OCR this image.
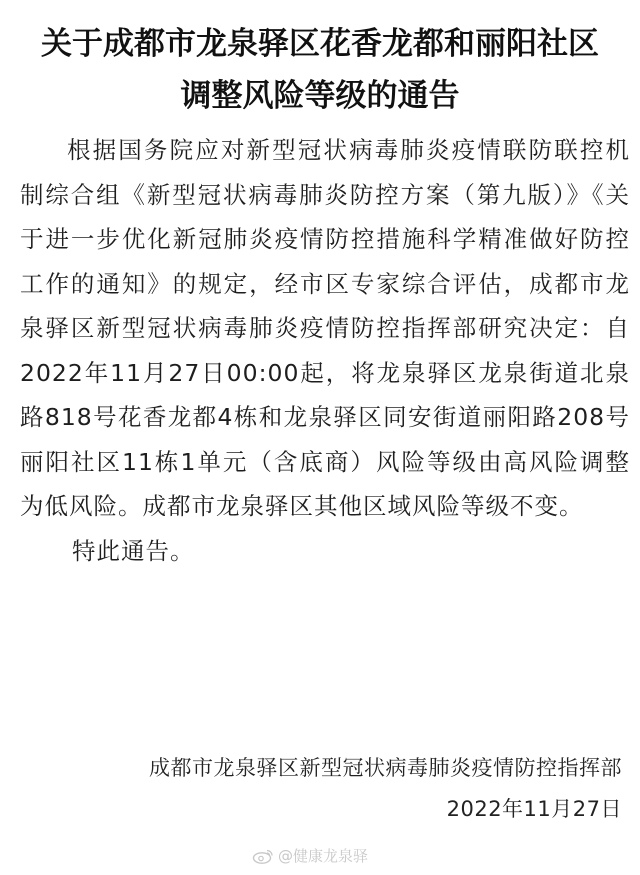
关于成都市龙泉驿区花香龙都和丽阳社区
调整风险等级的通告

根据国务院应对新型冠状病毒肺炎疫情联防联控机制综合组《新型冠状病毒肺炎防控方案（第九版）》《关于进一步优化新冠肺炎疫情防控措施科学精准做好防控工作的通知》的规定，经市区专家综合评估，成都市龙泉驿区新型冠状病毒肺炎疫情防控指挥部研究决定：自2022年11月27日00:00起，将龙泉驿区龙泉街道北泉路818号花香龙都4栋和龙泉驿区同安街道丽阳路208号丽阳社区11栋1单元（含底商）风险等级由高风险调整为低风险。成都市龙泉驿区其他区域风险等级不变。

特此通告。

成都市龙泉驿区新型冠状病毒肺炎疫情防控指挥部
2022年11月27日
@健康龙泉驿
